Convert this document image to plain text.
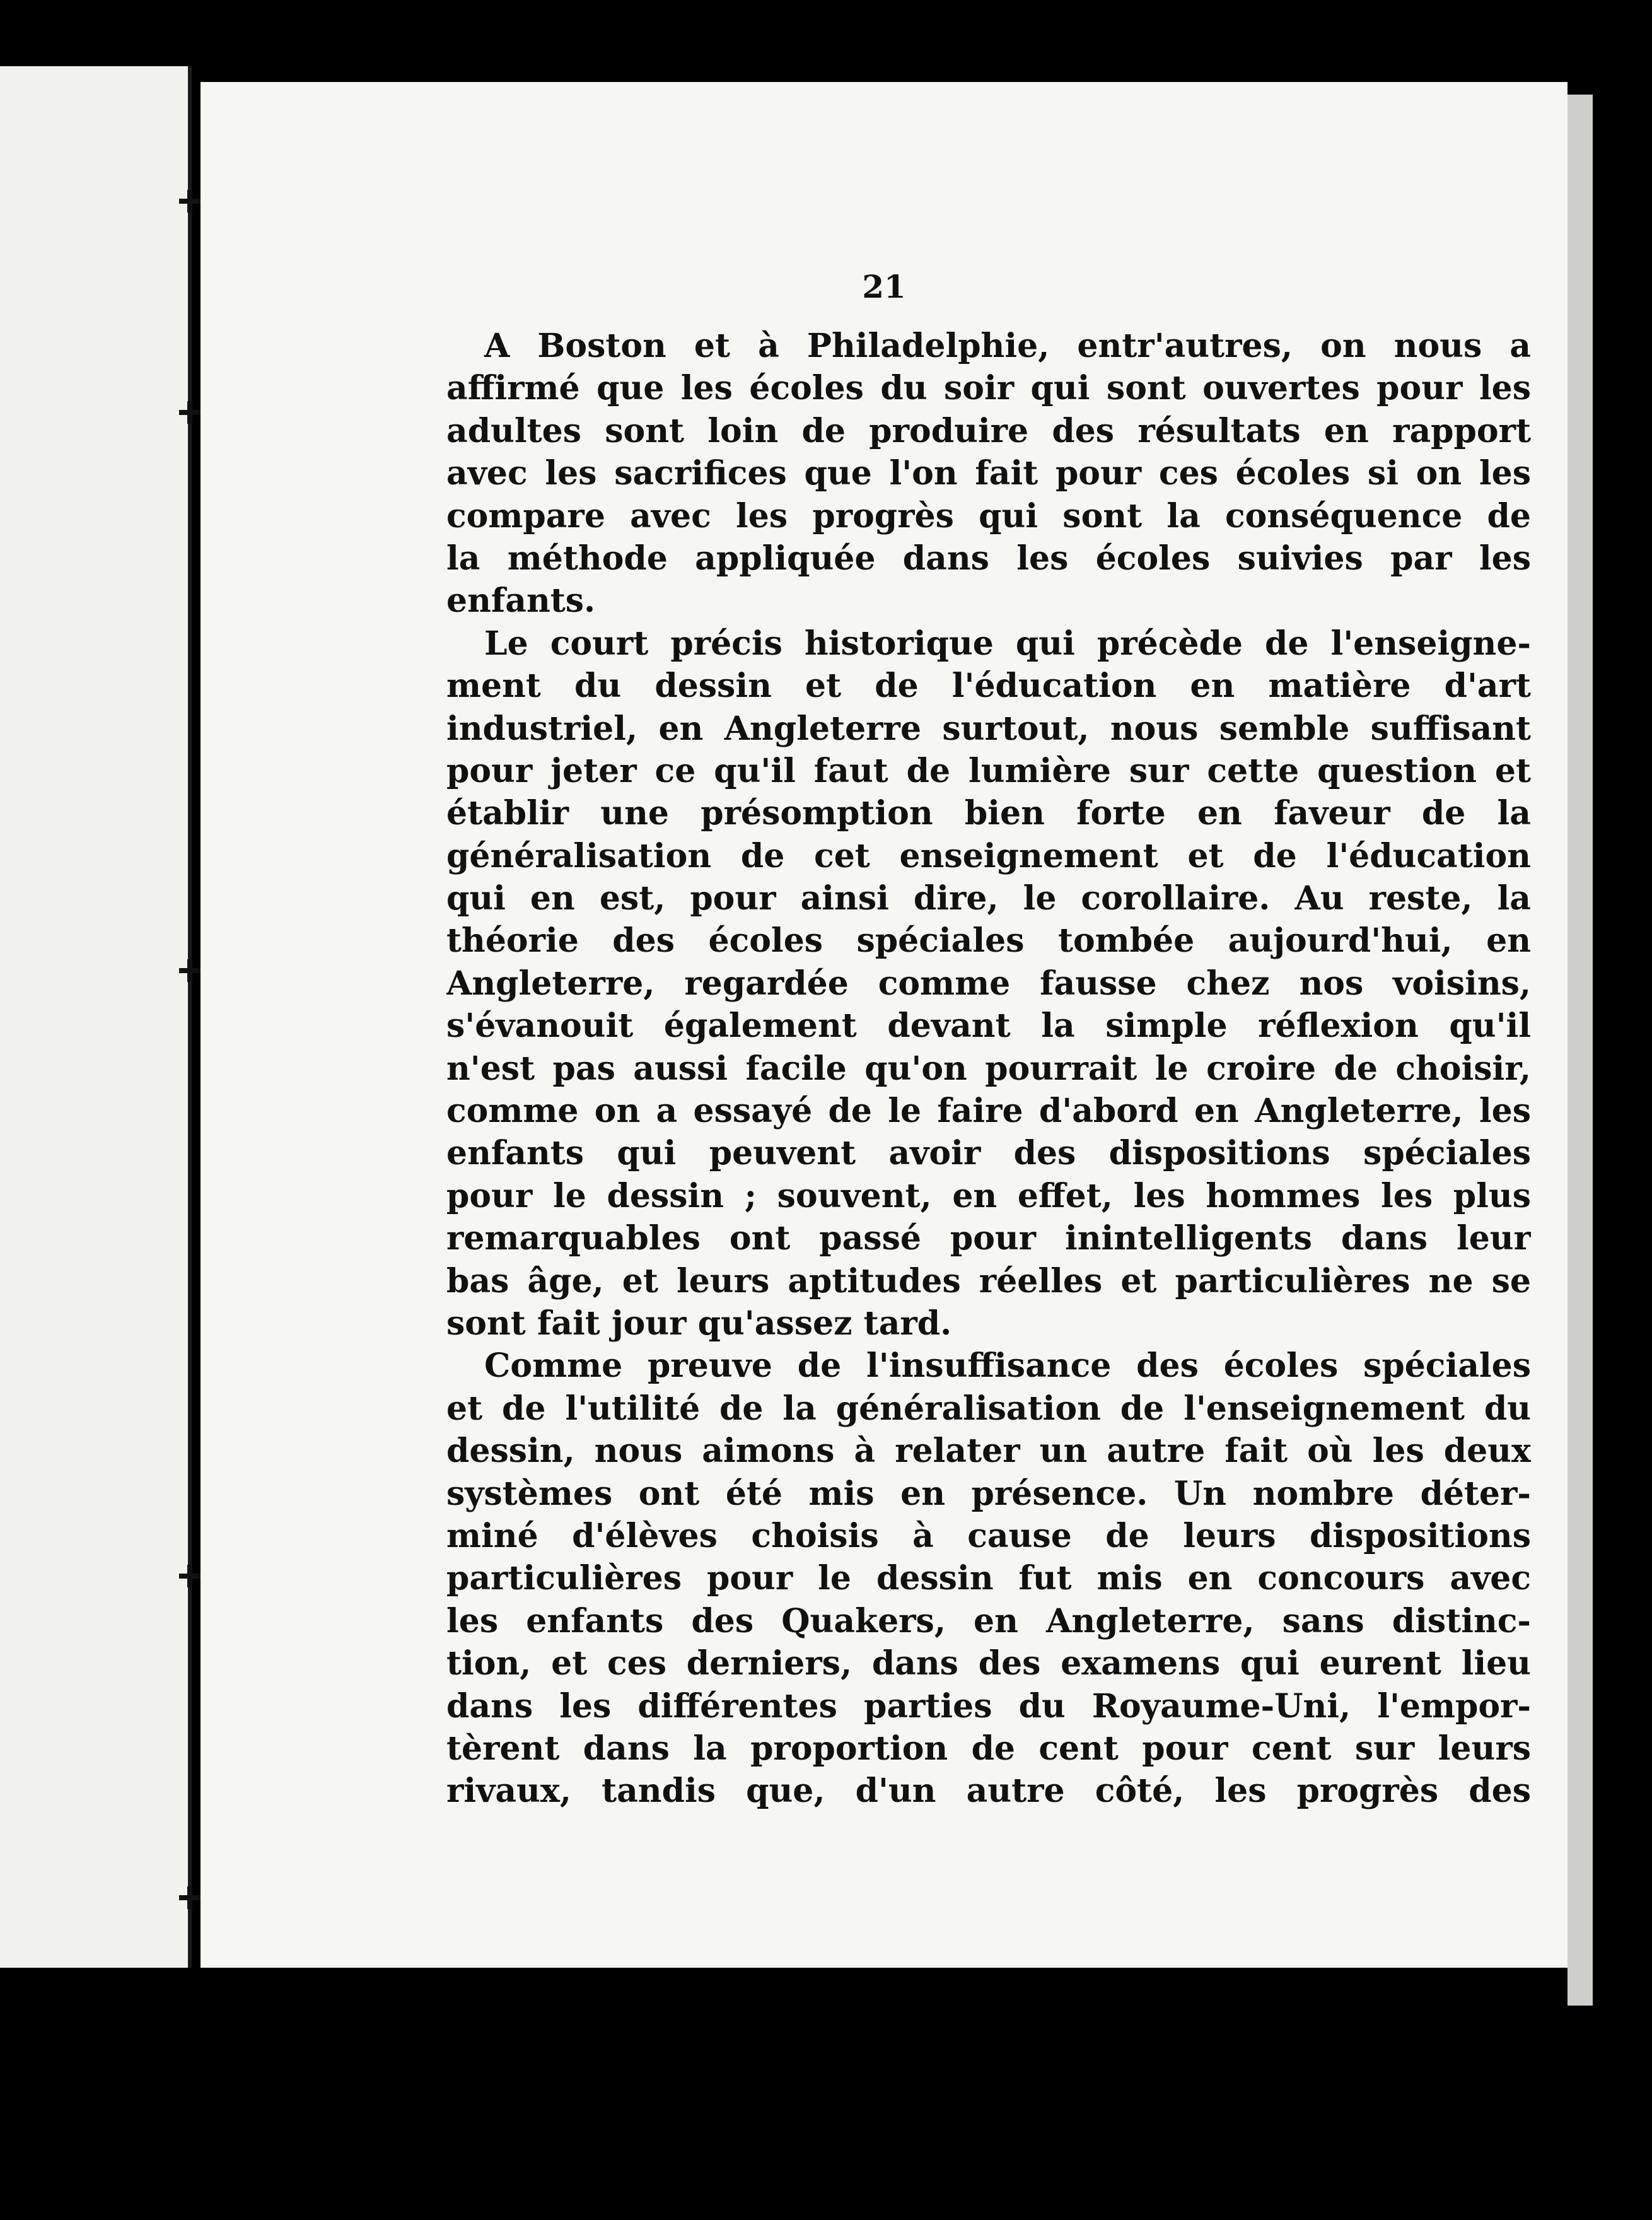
21
A Boston et à Philadelphie, entr'autres, on nous a
affirmé que les écoles du soir qui sont ouvertes pour les
adultes sont loin de produire des résultats en rapport
avec les sacrifices que l'on fait pour ces écoles si on les
compare avec les progrès qui sont la conséquence de
la méthode appliquée dans les écoles suivies par les
enfants.
Le court précis historique qui précède de l'enseigne-
ment du dessin et de l'éducation en matière d'art
industriel, en Angleterre surtout, nous semble suffisant
pour jeter ce qu'il faut de lumière sur cette question et
établir une présomption bien forte en faveur de la
généralisation de cet enseignement et de l'éducation
qui en est, pour ainsi dire, le corollaire. Au reste, la
théorie des écoles spéciales tombée aujourd'hui, en
Angleterre, regardée comme fausse chez nos voisins,
s'évanouit également devant la simple réflexion qu'il
n'est pas aussi facile qu'on pourrait le croire de choisir,
comme on a essayé de le faire d'abord en Angleterre, les
enfants qui peuvent avoir des dispositions spéciales
pour le dessin ; souvent, en effet, les hommes les plus
remarquables ont passé pour inintelligents dans leur
bas âge, et leurs aptitudes réelles et particulières ne se
sont fait jour qu'assez tard.
Comme preuve de l'insuffisance des écoles spéciales
et de l'utilité de la généralisation de l'enseignement du
dessin, nous aimons à relater un autre fait où les deux
systèmes ont été mis en présence. Un nombre déter-
miné d'élèves choisis à cause de leurs dispositions
particulières pour le dessin fut mis en concours avec
les enfants des Quakers, en Angleterre, sans distinc-
tion, et ces derniers, dans des examens qui eurent lieu
dans les différentes parties du Royaume-Uni, l'empor-
tèrent dans la proportion de cent pour cent sur leurs
rivaux, tandis que, d'un autre côté, les progrès des
